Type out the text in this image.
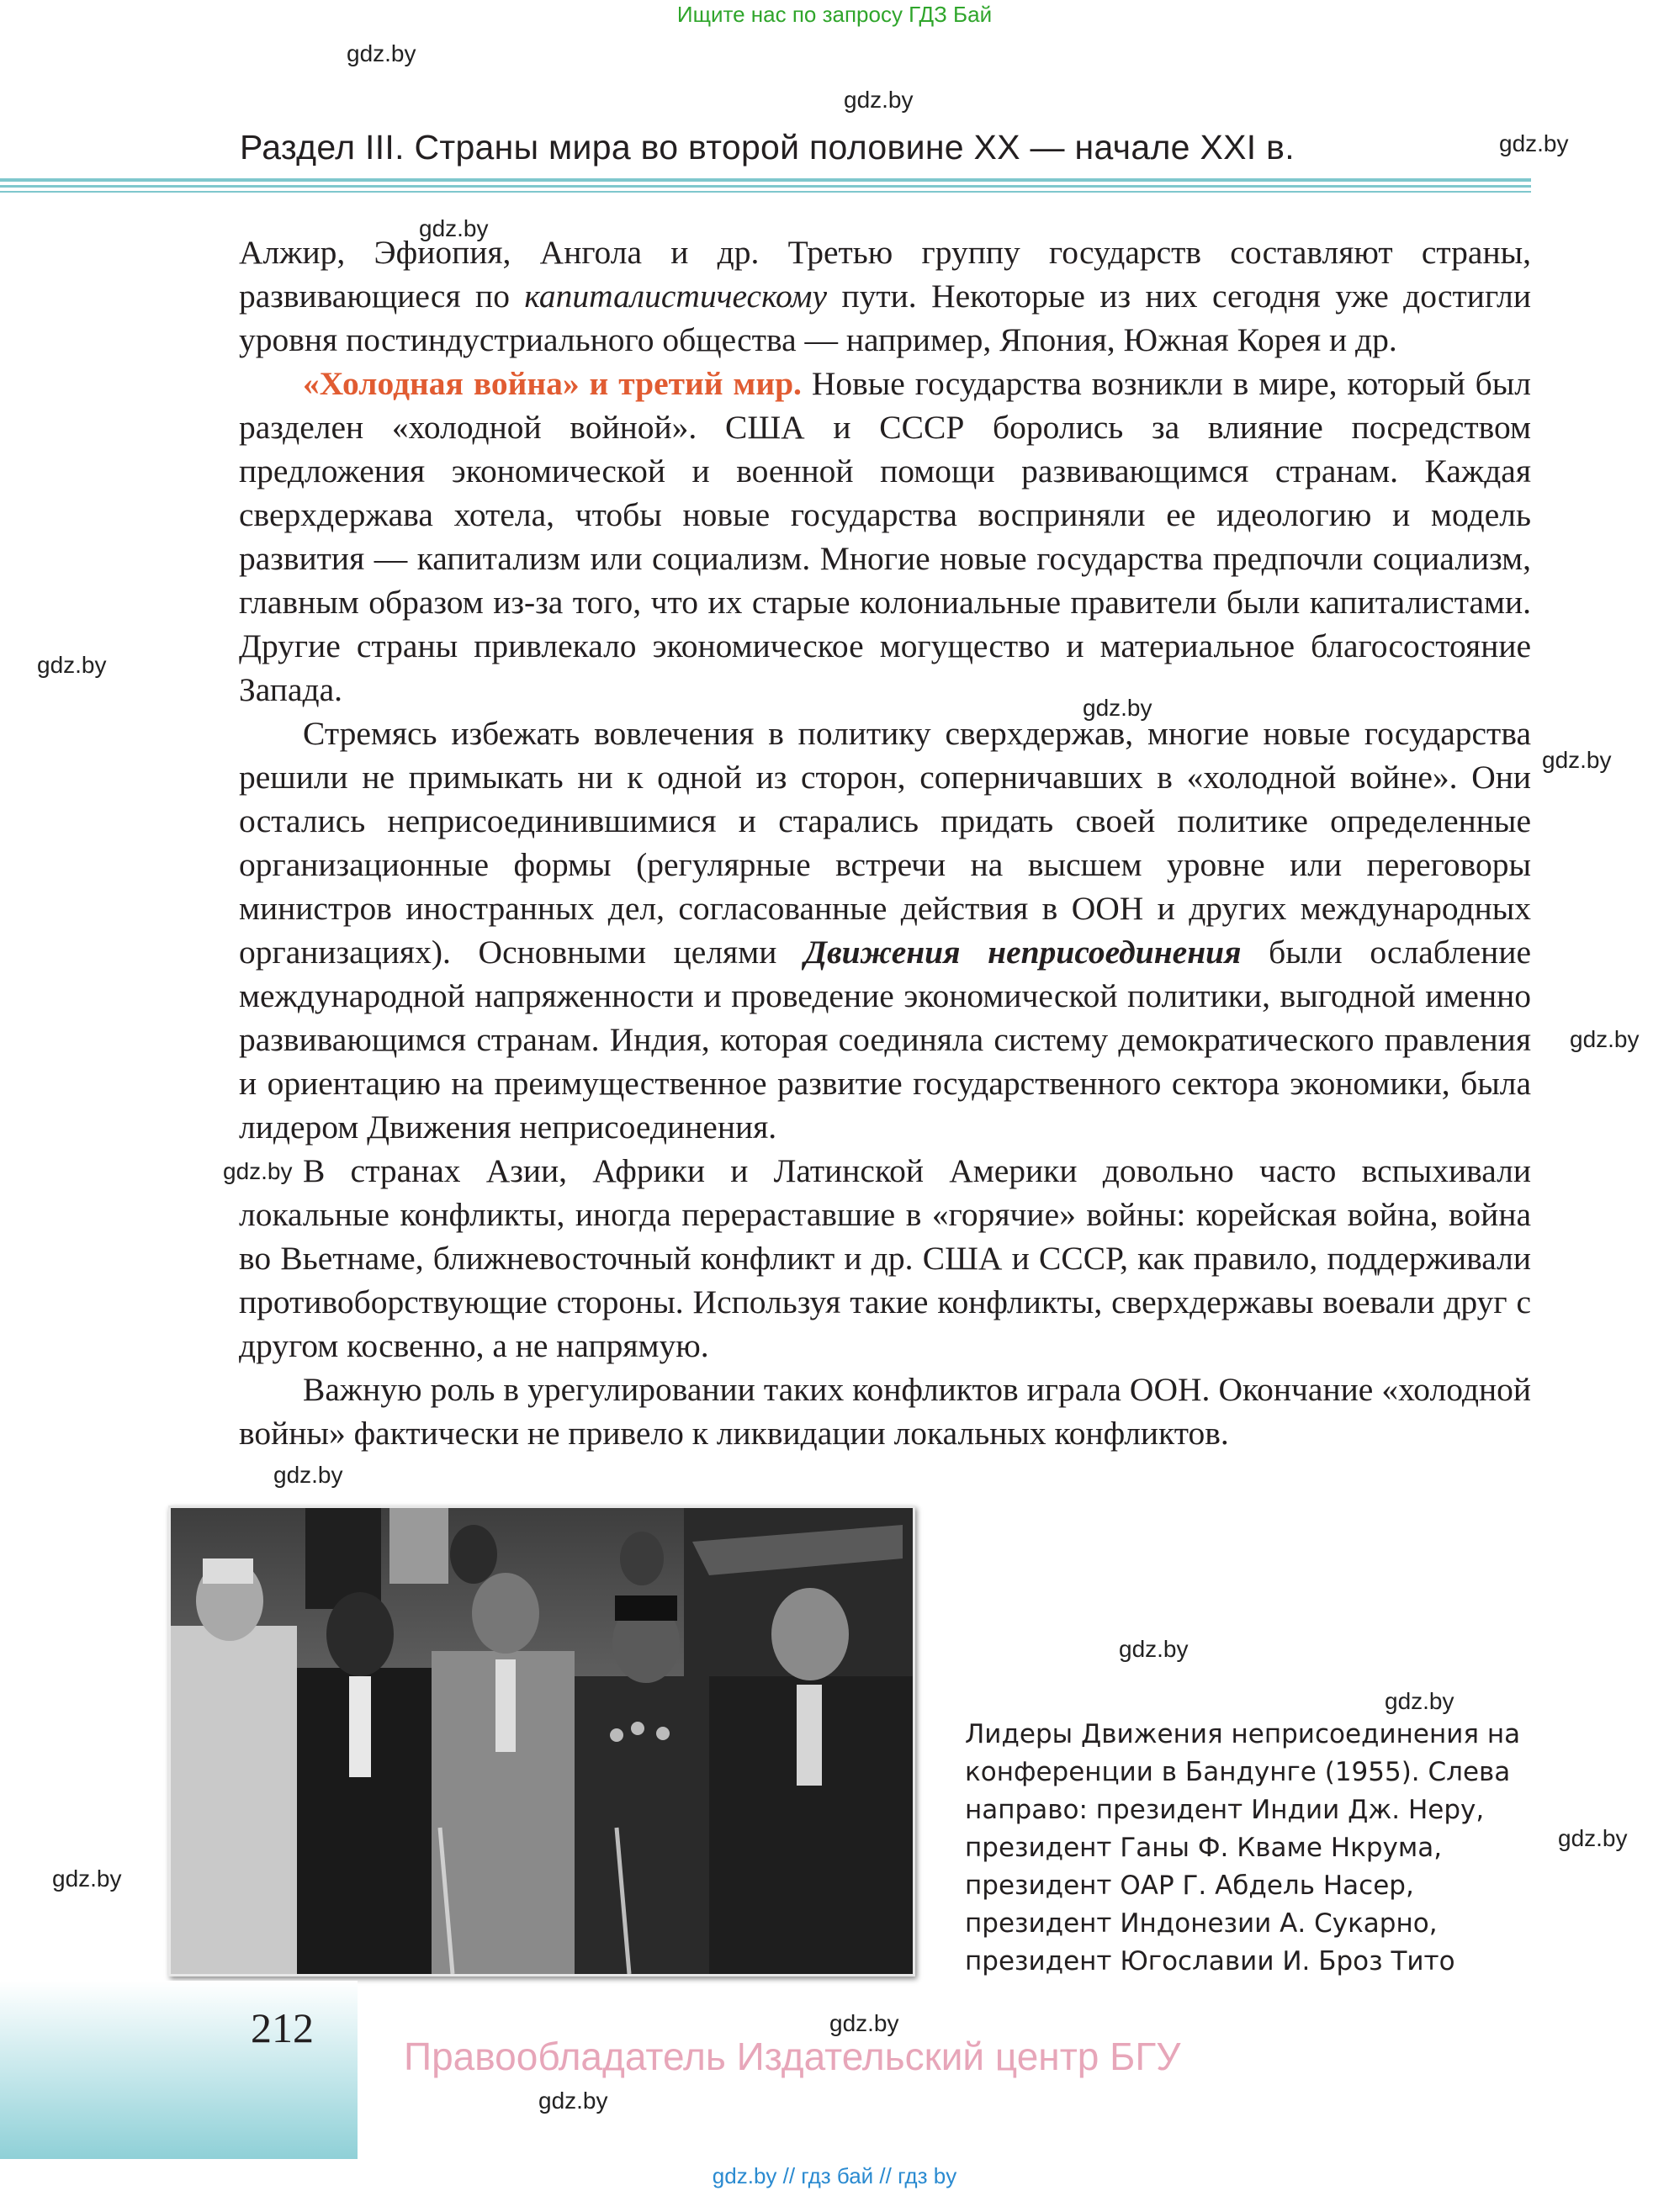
Ищите нас по запросу ГДЗ Бай
gdz.by
gdz.by
gdz.by
gdz.by
gdz.by
gdz.by
gdz.by
gdz.by
gdz.by
gdz.by
gdz.by
gdz.by
gdz.by
gdz.by
gdz.by
gdz.by
Раздел III. Страны мира во второй половине XX — начале XXI в.

Алжир, Эфиопия, Ангола и др. Третью группу государств составляют страны, развивающиеся по капиталистическому пути. Некоторые из них сегодня уже достигли уровня постиндустриального общества — например, Япония, Южная Корея и др.

«Холодная война» и третий мир. Новые государства возникли в мире, который был разделен «холодной войной». США и СССР боролись за влияние посредством предложения экономической и военной помощи развивающимся странам. Каждая сверхдержава хотела, чтобы новые государства восприняли ее идеологию и модель развития — капитализм или социализм. Многие новые государства предпочли социализм, главным образом из-за того, что их старые колониальные правители были капиталистами. Другие страны привлекало экономическое могущество и материальное благосостояние Запада.

Стремясь избежать вовлечения в политику сверхдержав, многие новые государства решили не примыкать ни к одной из сторон, соперничавших в «холодной войне». Они остались неприсоединившимися и старались придать своей политике определенные организационные формы (регулярные встречи на высшем уровне или переговоры министров иностранных дел, согласованные действия в ООН и других международных организациях). Основными целями Движения неприсоединения были ослабление международной напряженности и проведение экономической политики, выгодной именно развивающимся странам. Индия, которая соединяла систему демократического правления и ориентацию на преимущественное развитие государственного сектора экономики, была лидером Движения неприсоединения.

В странах Азии, Африки и Латинской Америки довольно часто вспыхивали локальные конфликты, иногда перераставшие в «горячие» войны: корейская война, война во Вьетнаме, ближневосточный конфликт и др. США и СССР, как правило, поддерживали противоборствующие стороны. Используя такие конфликты, сверхдержавы воевали друг с другом косвенно, а не напрямую.

Важную роль в урегулировании таких конфликтов играла ООН. Окончание «холодной войны» фактически не привело к ликвидации локальных конфликтов.

Лидеры Движения неприсоединения на
конференции в Бандунге (1955). Слева
направо: президент Индии Дж. Неру,
президент Ганы Ф. Кваме Нкрума,
президент ОАР Г. Абдель Насер,
президент Индонезии А. Сукарно,
президент Югославии И. Броз Тито
212
Правообладатель Издательский центр БГУ
gdz.by // гдз бай // гдз by
